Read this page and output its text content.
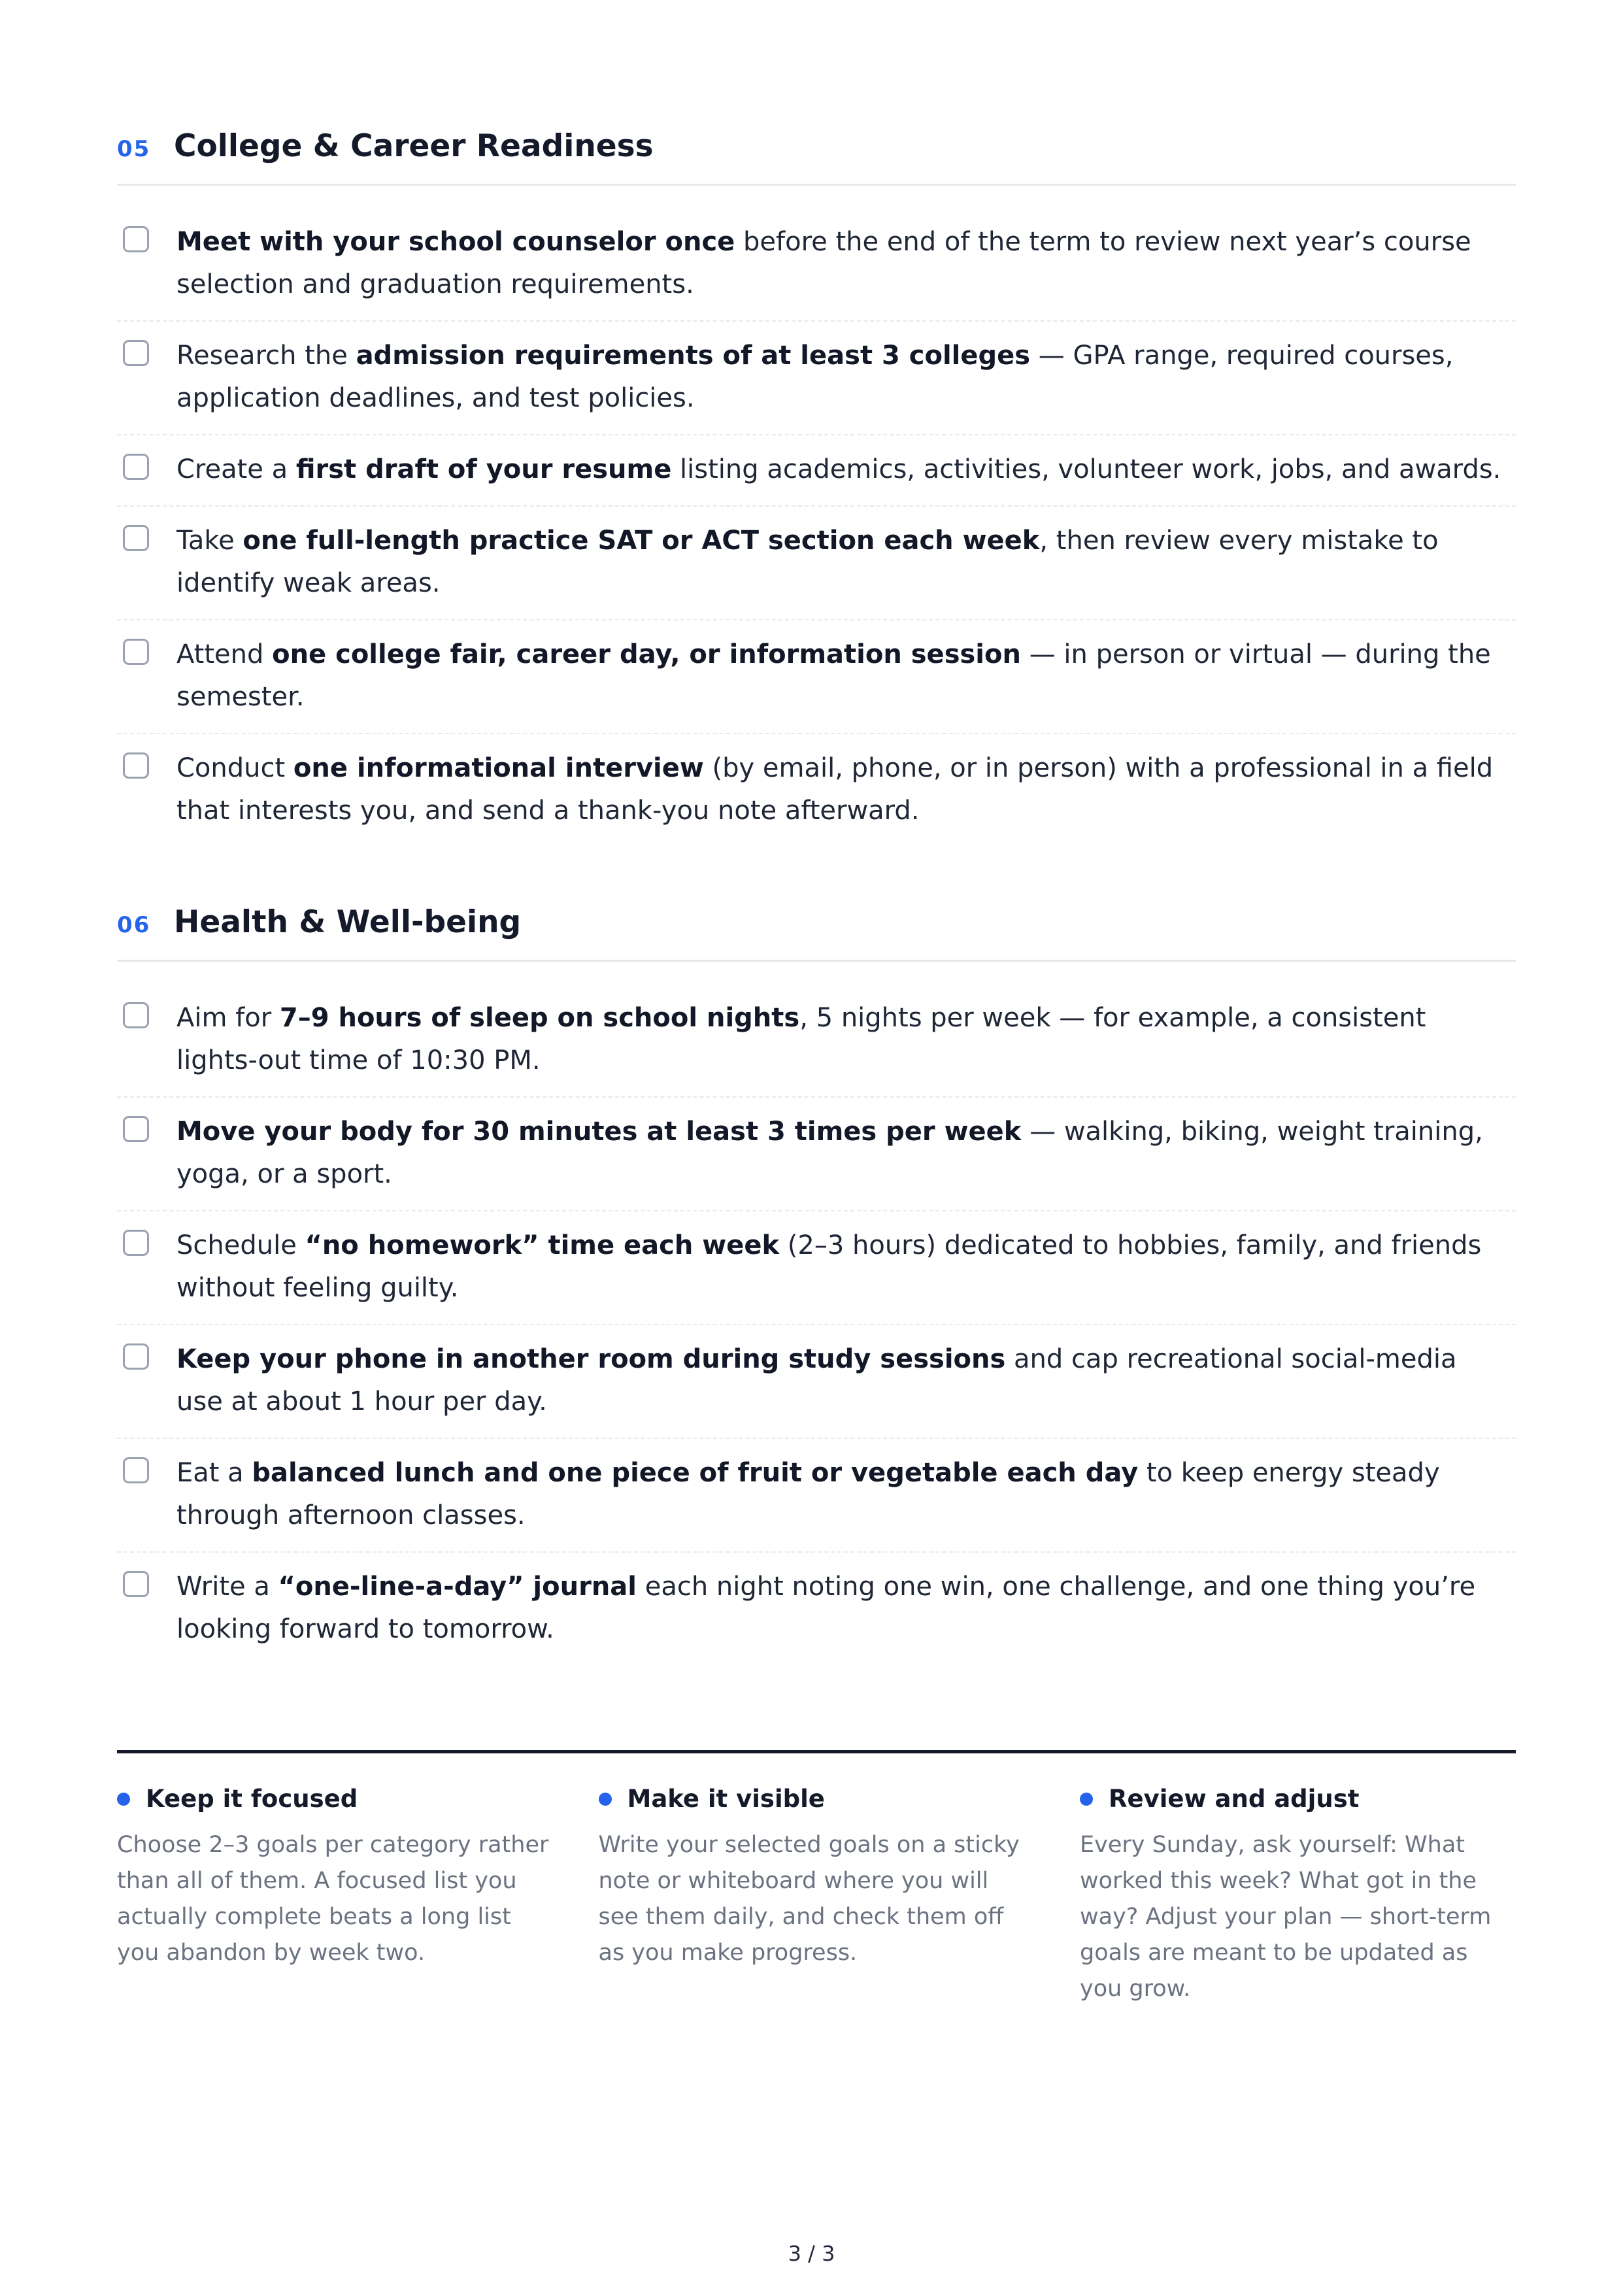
05 College & Career Readiness
Meet with your school counselor once before the end of the term to review next year’s course selection and graduation requirements.
Research the admission requirements of at least 3 colleges — GPA range, required courses, application deadlines, and test policies.
Create a first draft of your resume listing academics, activities, volunteer work, jobs, and awards.
Take one full-length practice SAT or ACT section each week, then review every mistake to identify weak areas.
Attend one college fair, career day, or information session — in person or virtual — during the semester.
Conduct one informational interview (by email, phone, or in person) with a professional in a field that interests you, and send a thank-you note afterward.
06 Health & Well-being
Aim for 7–9 hours of sleep on school nights, 5 nights per week — for example, a consistent lights-out time of 10:30 PM.
Move your body for 30 minutes at least 3 times per week — walking, biking, weight training, yoga, or a sport.
Schedule “no homework” time each week (2–3 hours) dedicated to hobbies, family, and friends without feeling guilty.
Keep your phone in another room during study sessions and cap recreational social-media use at about 1 hour per day.
Eat a balanced lunch and one piece of fruit or vegetable each day to keep energy steady through afternoon classes.
Write a “one-line-a-day” journal each night noting one win, one challenge, and one thing you’re looking forward to tomorrow.
Keep it focused
Choose 2–3 goals per category rather than all of them. A focused list you actually complete beats a long list you abandon by week two.
Make it visible
Write your selected goals on a sticky note or whiteboard where you will see them daily, and check them off as you make progress.
Review and adjust
Every Sunday, ask yourself: What worked this week? What got in the way? Adjust your plan — short-term goals are meant to be updated as you grow.
3 / 3
